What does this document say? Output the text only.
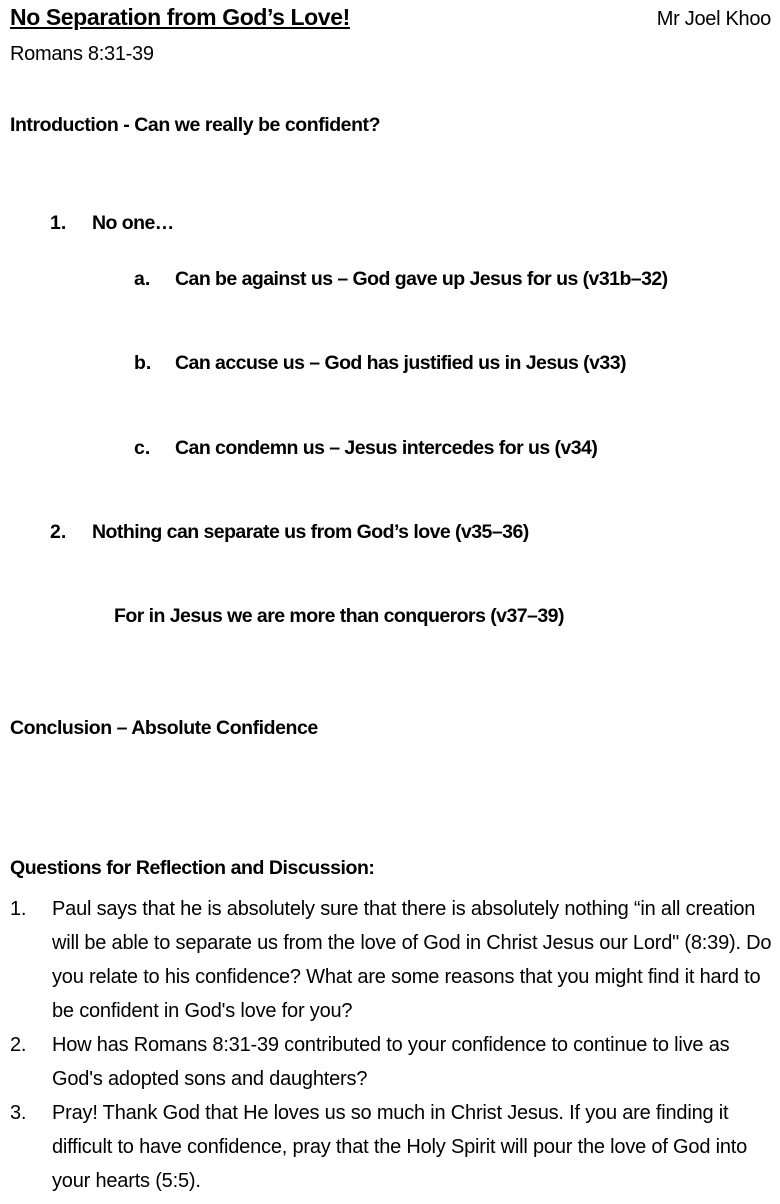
No Separation from God’s Love!	Mr Joel Khoo
Romans 8:31-39
Introduction - Can we really be confident?
1. No one…
a. Can be against us – God gave up Jesus for us (v31b–32)
b. Can accuse us – God has justified us in Jesus (v33)
c. Can condemn us – Jesus intercedes for us (v34)
2. Nothing can separate us from God’s love (v35–36)
For in Jesus we are more than conquerors (v37–39)
Conclusion – Absolute Confidence
Questions for Reflection and Discussion:
1. Paul says that he is absolutely sure that there is absolutely nothing “in all creation will be able to separate us from the love of God in Christ Jesus our Lord" (8:39). Do you relate to his confidence? What are some reasons that you might find it hard to be confident in God's love for you?
2. How has Romans 8:31-39 contributed to your confidence to continue to live as God's adopted sons and daughters?
3. Pray! Thank God that He loves us so much in Christ Jesus. If you are finding it difficult to have confidence, pray that the Holy Spirit will pour the love of God into your hearts (5:5).
